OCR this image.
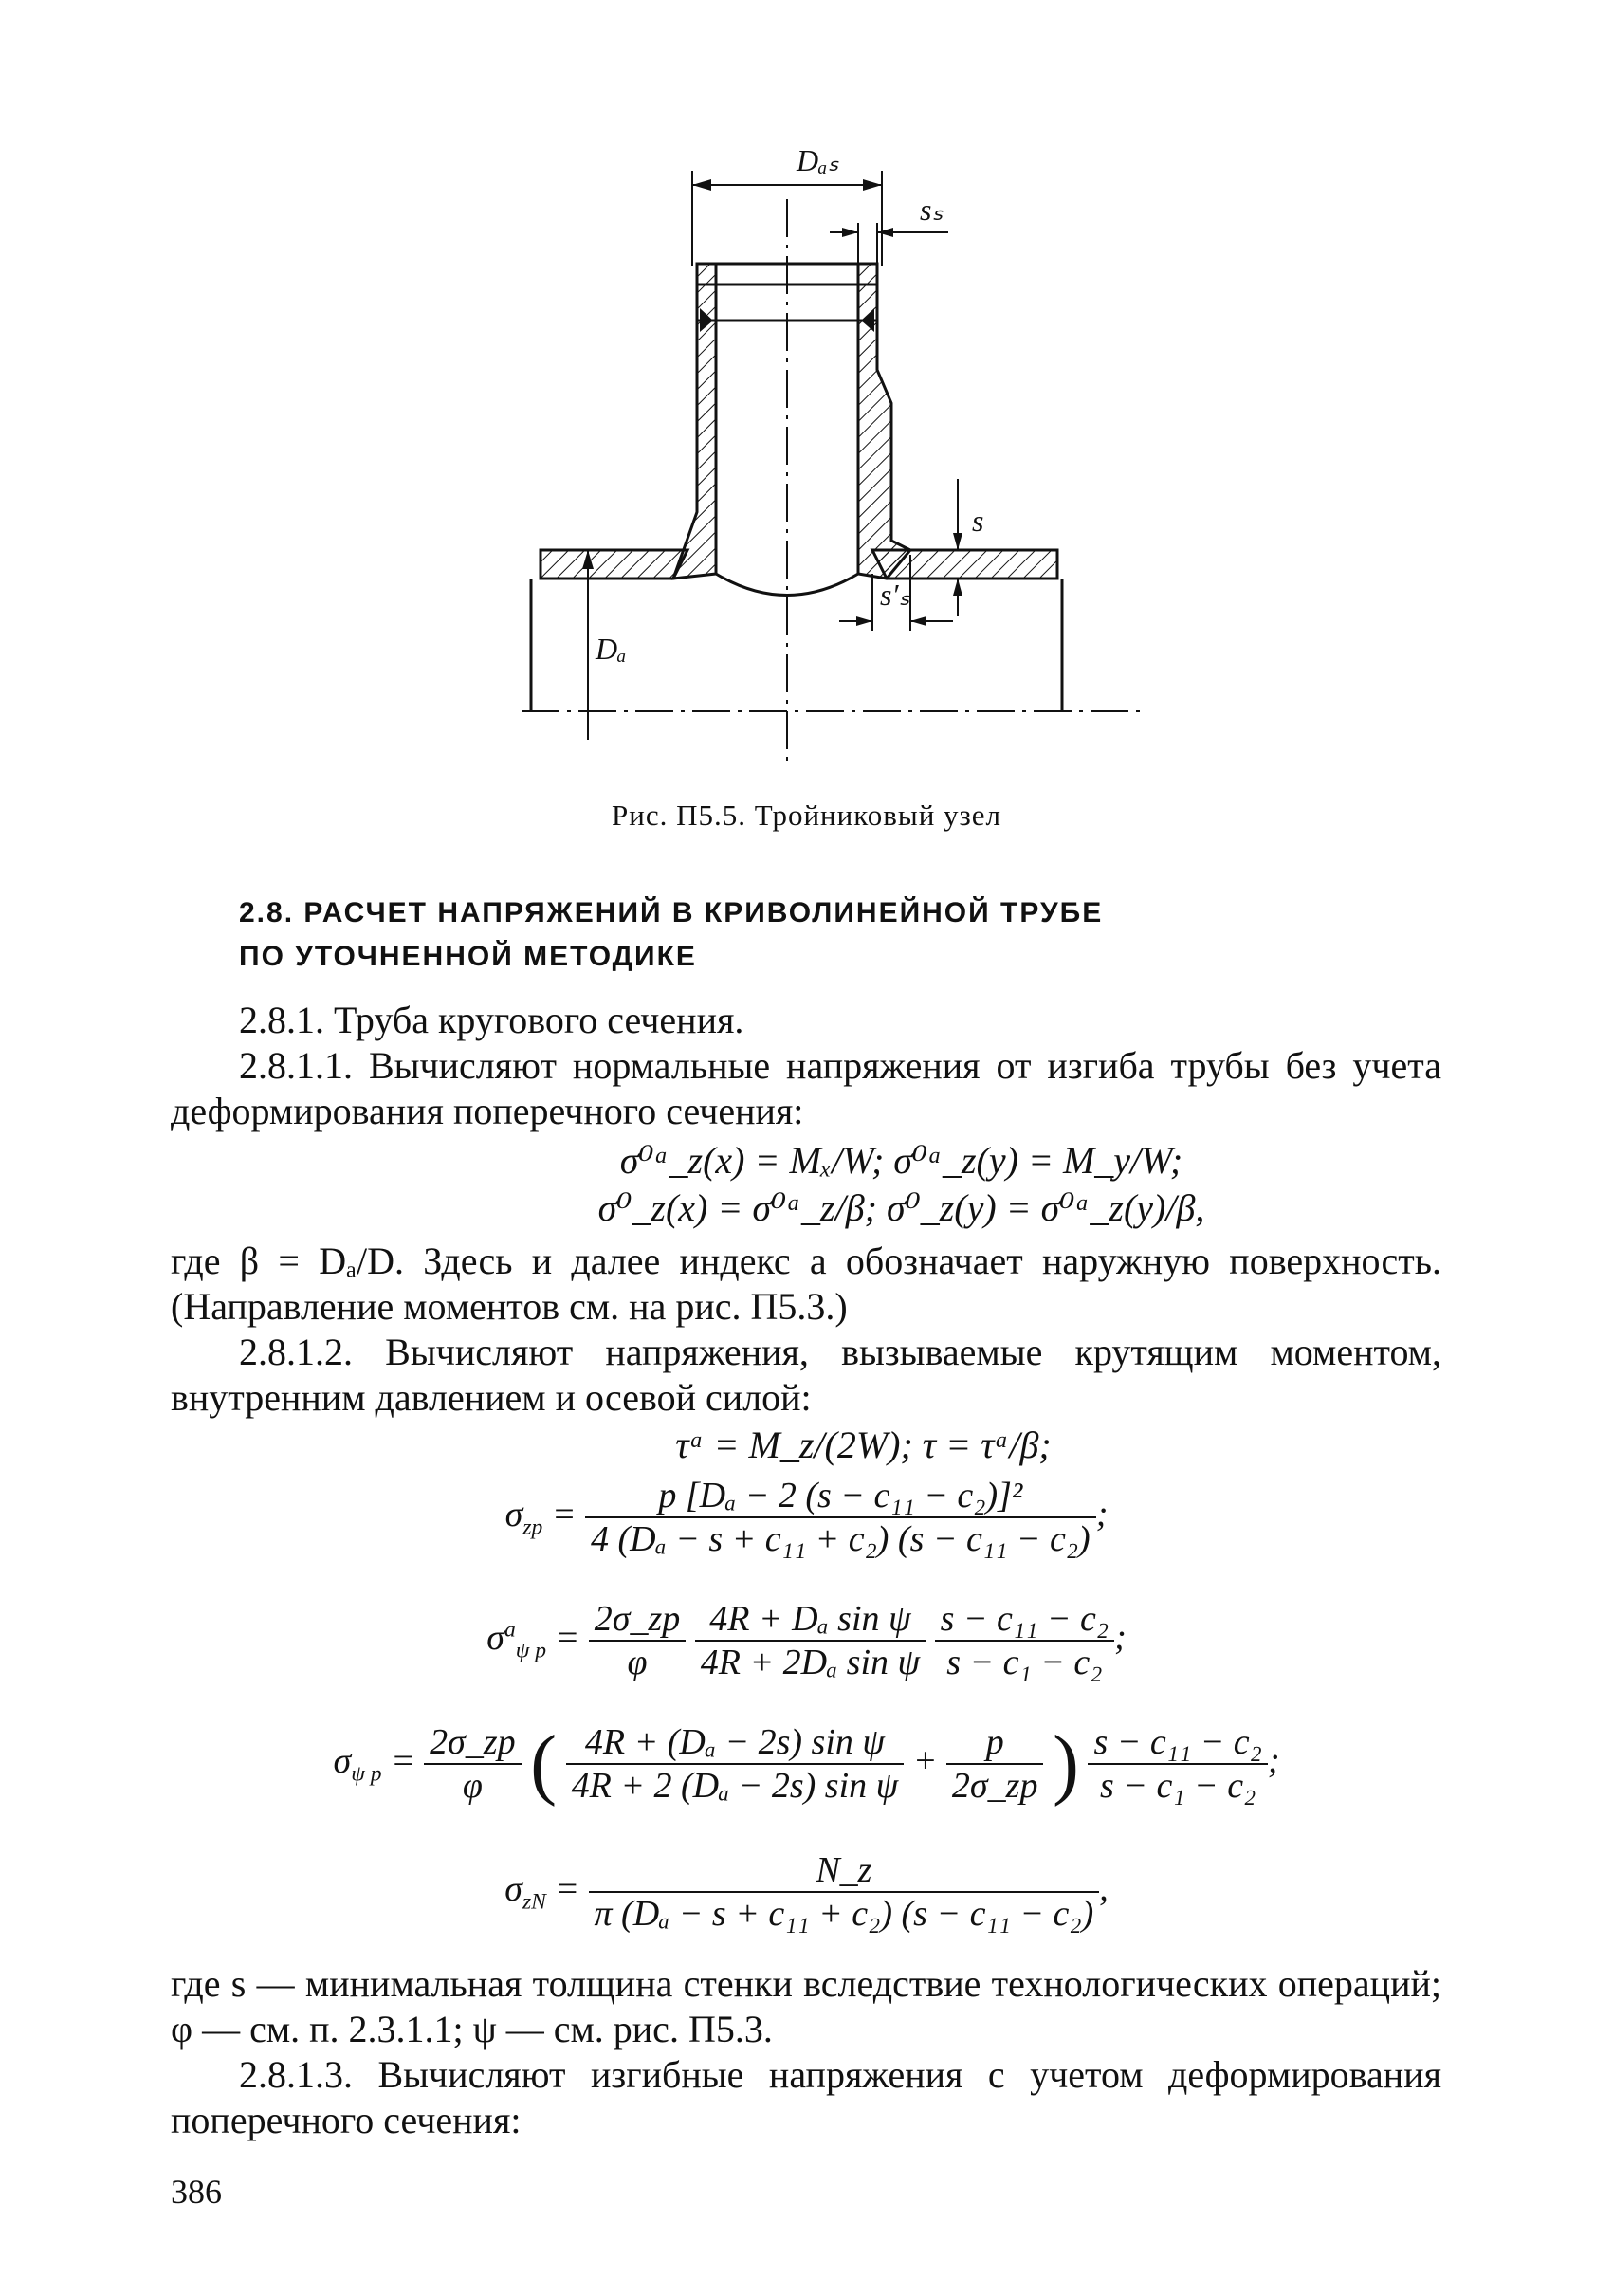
Dₐₛ
sₛ
s
s′ₛ
Dₐ
Рис. П5.5. Тройниковый узел
2.8. РАСЧЕТ НАПРЯЖЕНИЙ В КРИВОЛИНЕЙНОЙ ТРУБЕ
ПО УТОЧНЕННОЙ МЕТОДИКЕ
2.8.1. Труба кругового сечения.
2.8.1.1. Вычисляют нормальные напряжения от изгиба трубы без учета деформирования поперечного сечения:
σ⁰ᵃ_z(x) = Mₓ/W; σ⁰ᵃ_z(y) = M_y/W;
σ⁰_z(x) = σ⁰ᵃ_z/β; σ⁰_z(y) = σ⁰ᵃ_z(y)/β,
где β = Dₐ/D. Здесь и далее индекс a обозначает наружную поверхность. (Направление моментов см. на рис. П5.3.)
2.8.1.2. Вычисляют напряжения, вызываемые крутящим моментом, внутренним давлением и осевой силой:
τᵃ = M_z/(2W); τ = τᵃ/β;
$\sigma_{zp} = \frac{\text{p [Dₐ − 2 (s − c₁₁ − c₂)]²}}{\text{4 (Dₐ − s + c₁₁ + c₂) (s − c₁₁ − c₂)}}$ ;
$\sigma^a_{\psi p} = \frac{2\sigma\_zp}{\varphi}$
$\frac{\text{4R + Dₐ sin ψ}}{\text{4R + 2Dₐ sin ψ}}$
$\frac{\text{s − c₁₁ − c₂}}{\text{s − c₁ − c₂}}$ ;
$\sigma_{\psi p} = \frac{2\sigma\_zp}{\varphi}$ ( $\frac{\text{4R + (Dₐ − 2s) sin ψ}}{\text{4R + 2 (Dₐ − 2s) sin ψ}} + \frac{p}{2\sigma\_zp}$ ) $\frac{\text{s − c₁₁ − c₂}}{\text{s − c₁ − c₂}}$ ;
$\sigma_{zN} = \frac{N\_z}{\text{π (Dₐ − s + c₁₁ + c₂) (s − c₁₁ − c₂)}}$ ,
где s — минимальная толщина стенки вследствие технологических операций; φ — см. п. 2.3.1.1; ψ — см. рис. П5.3.
2.8.1.3. Вычисляют изгибные напряжения с учетом деформирования поперечного сечения:
386
